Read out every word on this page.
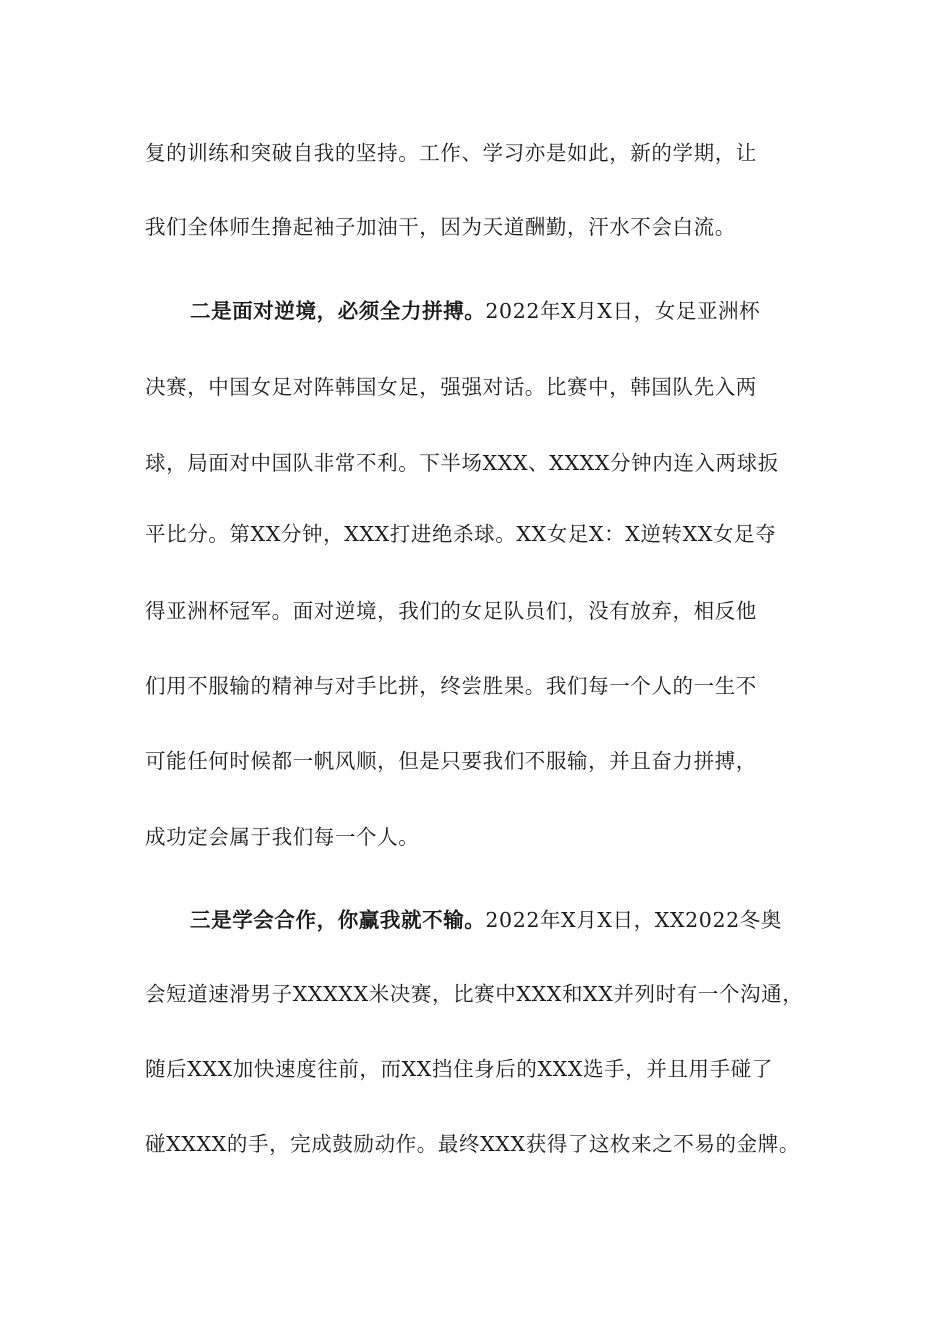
复的训练和突破自我的坚持。工作、学习亦是如此，新的学期，让
我们全体师生撸起袖子加油干，因为天道酬勤，汗水不会白流。
二是面对逆境，必须全力拼搏。2022年X月X日，女足亚洲杯
决赛，中国女足对阵韩国女足，强强对话。比赛中，韩国队先入两
球，局面对中国队非常不利。下半场XXX、XXXX分钟内连入两球扳
平比分。第XX分钟，XXX打进绝杀球。XX女足X：X逆转XX女足夺
得亚洲杯冠军。面对逆境，我们的女足队员们，没有放弃，相反他
们用不服输的精神与对手比拼，终尝胜果。我们每一个人的一生不
可能任何时候都一帆风顺，但是只要我们不服输，并且奋力拼搏，
成功定会属于我们每一个人。
三是学会合作，你赢我就不输。2022年X月X日，XX2022冬奥
会短道速滑男子XXXXX米决赛，比赛中XXX和XX并列时有一个沟通，
随后XXX加快速度往前，而XX挡住身后的XXX选手，并且用手碰了
碰XXXX的手，完成鼓励动作。最终XXX获得了这枚来之不易的金牌。
